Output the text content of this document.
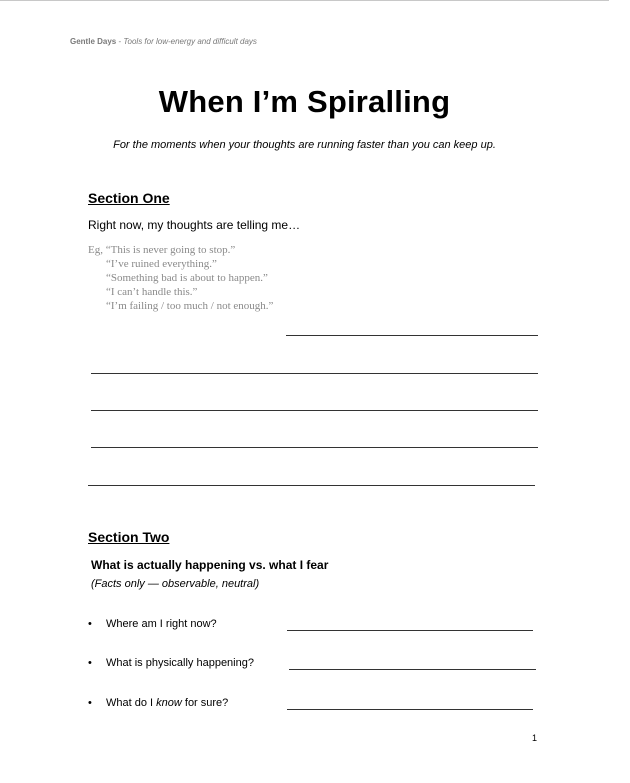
Gentle Days - Tools for low-energy and difficult days
When I’m Spiralling
For the moments when your thoughts are running faster than you can keep up.
Section One
Right now, my thoughts are telling me…
Eg, “This is never going to stop.”
“I’ve ruined everything.”
“Something bad is about to happen.”
“I can’t handle this.”
“I’m failing / too much / not enough.”
Section Two
What is actually happening vs. what I fear
(Facts only — observable, neutral)
• Where am I right now?
• What is physically happening?
• What do I know for sure?
1
